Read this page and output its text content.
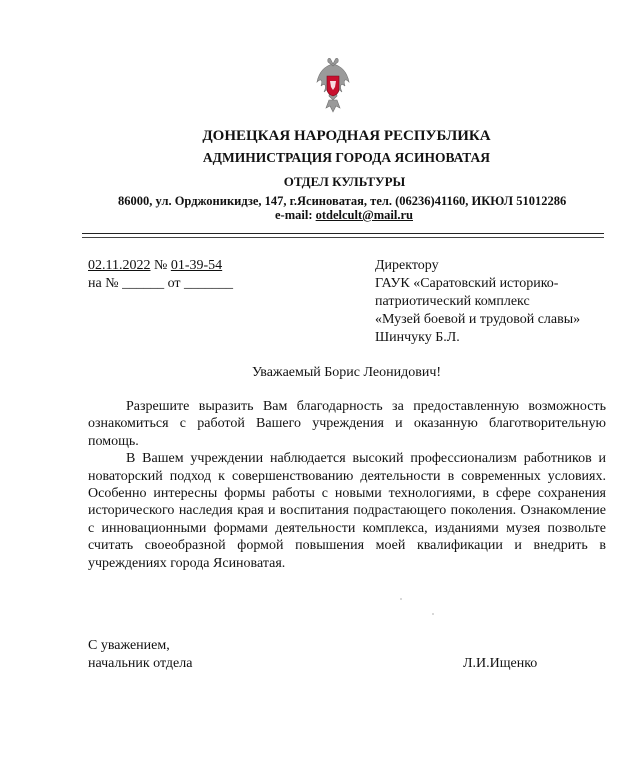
ДОНЕЦКАЯ НАРОДНАЯ РЕСПУБЛИКА
АДМИНИСТРАЦИЯ ГОРОДА ЯСИНОВАТАЯ
ОТДЕЛ КУЛЬТУРЫ
86000, ул. Орджоникидзе, 147, г.Ясиноватая, тел. (06236)41160, ИКЮЛ 51012286
e-mail: otdelcult@mail.ru
02.11.2022 № 01-39-54
на № ______ от _______
Директору
ГАУК «Саратовский историко-
патриотический комплекс
«Музей боевой и трудовой славы»
Шинчуку Б.Л.
Уважаемый Борис Леонидович!

Разрешите выразить Вам благодарность за предоставленную возможность ознакомиться с работой Вашего учреждения и оказанную благотворительную помощь.

В Вашем учреждении наблюдается высокий профессионализм работников и новаторский подход к совершенствованию деятельности в современных условиях. Особенно интересны формы работы с новыми технологиями, в сфере сохранения исторического наследия края и воспитания подрастающего поколения. Ознакомление с инновационными формами деятельности комплекса, изданиями музея позвольте считать своеобразной формой повышения моей квалификации и внедрить в учреждениях города Ясиноватая.

С уважением,
начальник отдела	Л.И.Ищенко
